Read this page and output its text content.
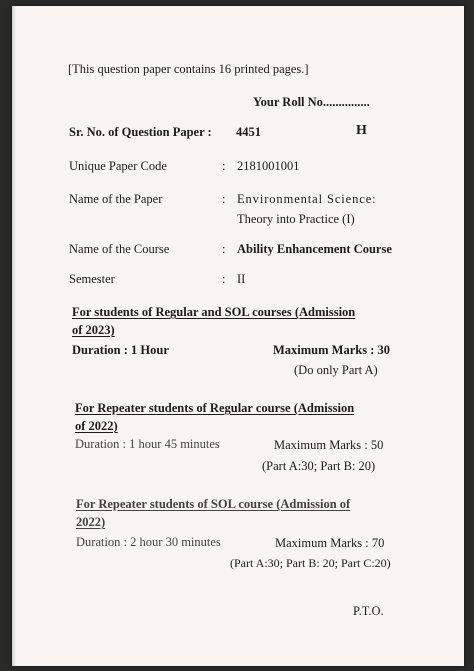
[This question paper contains 16 printed pages.]
Your Roll No...............
Sr. No. of Question Paper : 4451	H
Unique Paper Code	: 2181001001
Name of the Paper	: Environmental Science:
Theory into Practice (I)
Name of the Course	: Ability Enhancement Course
Semester	: II
For students of Regular and SOL courses (Admission
of 2023)
Duration : 1 Hour	Maximum Marks : 30
(Do only Part A)
For Repeater students of Regular course (Admission
of 2022)
Duration : 1 hour 45 minutes	Maximum Marks : 50
(Part A:30; Part B: 20)
For Repeater students of SOL course (Admission of
2022)
Duration : 2 hour 30 minutes	Maximum Marks : 70
(Part A:30; Part B: 20; Part C:20)
P.T.O.
